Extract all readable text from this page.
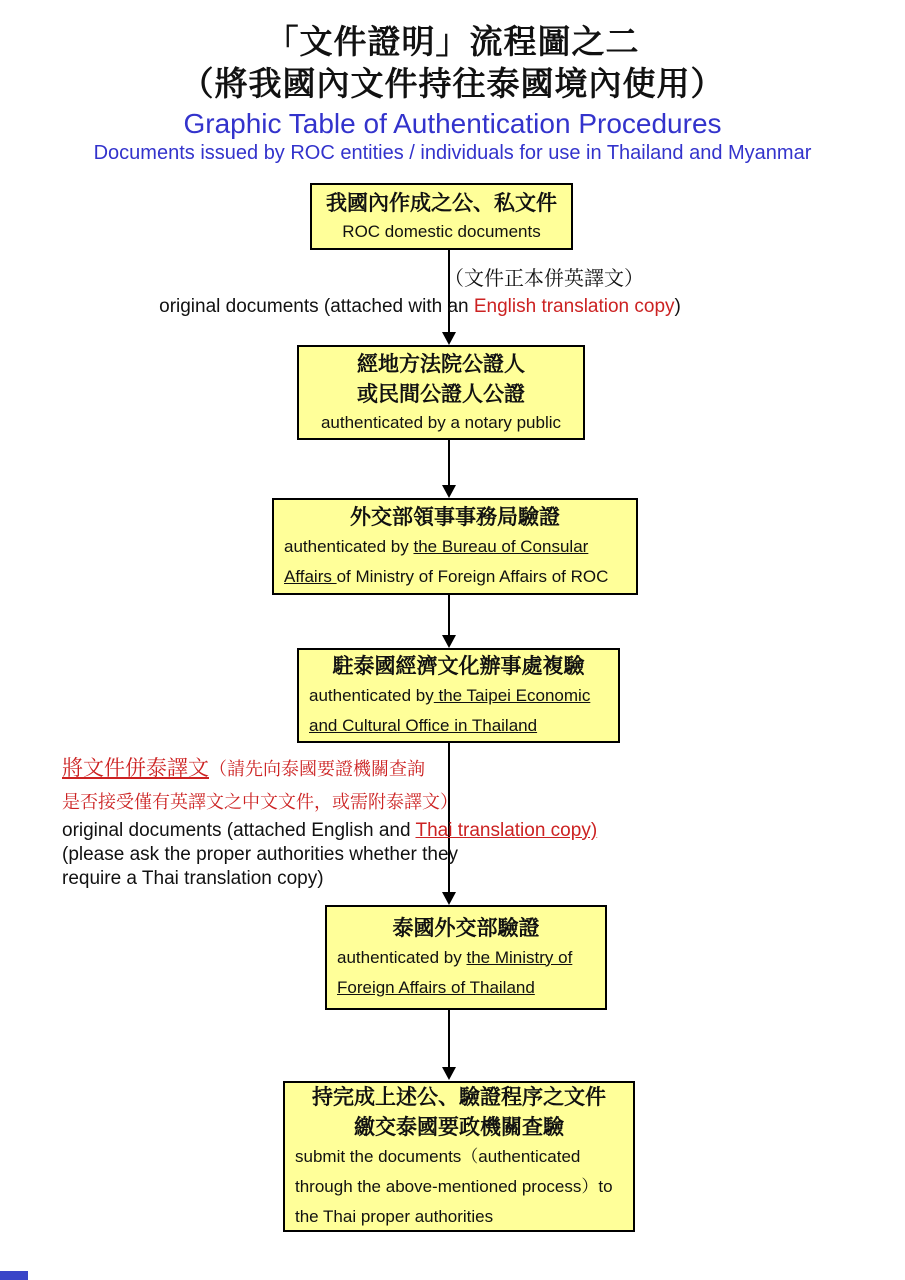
「文件證明」流程圖之二
（將我國內文件持往泰國境內使用）
Graphic Table of Authentication Procedures
Documents issued by ROC entities / individuals for use in Thailand and Myanmar
我國內作成之公、私文件
ROC domestic documents
（文件正本併英譯文）
original documents (attached with an English translation copy)
經地方法院公證人
或民間公證人公證
authenticated by a notary public
外交部領事事務局驗證
authenticated by the Bureau of Consular
Affairs of Ministry of Foreign Affairs of ROC
駐泰國經濟文化辦事處複驗
authenticated by the Taipei Economic
and Cultural Office in Thailand
將文件併泰譯文（請先向泰國要證機關查詢
是否接受僅有英譯文之中文文件，或需附泰譯文）
original documents (attached English and Thai translation copy)
(please ask the proper authorities whether they
require a Thai translation copy)
泰國外交部驗證
authenticated by the Ministry of
Foreign Affairs of Thailand
持完成上述公、驗證程序之文件
繳交泰國要政機關查驗
submit the documents（authenticated
through the above-mentioned process）to
the Thai proper authorities
